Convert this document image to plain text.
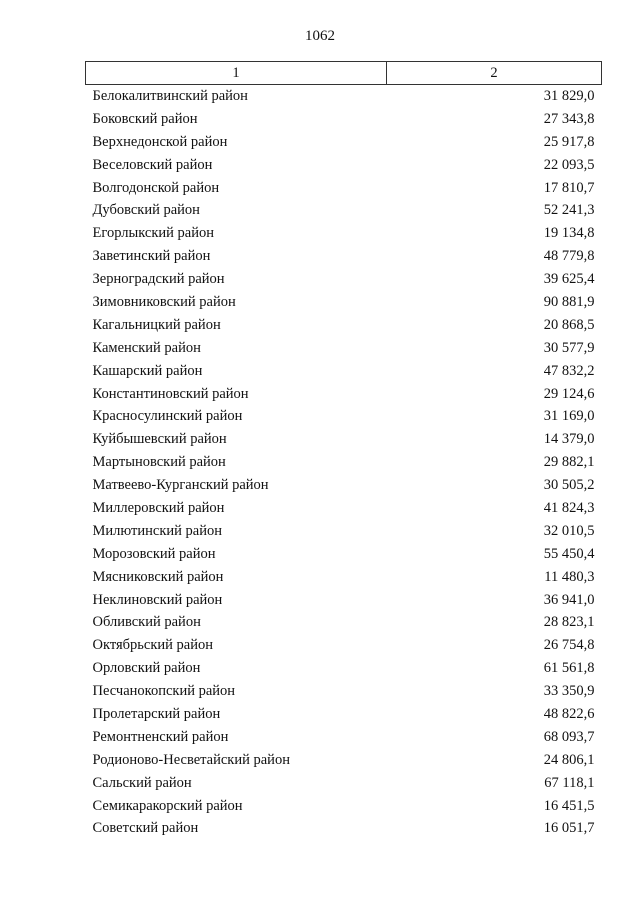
1062
1	2
Белокалитвинский район	31 829,0
Боковский район	27 343,8
Верхнедонской район	25 917,8
Веселовский район	22 093,5
Волгодонской район	17 810,7
Дубовский район	52 241,3
Егорлыкский район	19 134,8
Заветинский район	48 779,8
Зерноградский район	39 625,4
Зимовниковский район	90 881,9
Кагальницкий район	20 868,5
Каменский район	30 577,9
Кашарский район	47 832,2
Константиновский район	29 124,6
Красносулинский район	31 169,0
Куйбышевский район	14 379,0
Мартыновский район	29 882,1
Матвеево-Курганский район	30 505,2
Миллеровский район	41 824,3
Милютинский район	32 010,5
Морозовский район	55 450,4
Мясниковский район	11 480,3
Неклиновский район	36 941,0
Обливский район	28 823,1
Октябрьский район	26 754,8
Орловский район	61 561,8
Песчанокопский район	33 350,9
Пролетарский район	48 822,6
Ремонтненский район	68 093,7
Родионово-Несветайский район	24 806,1
Сальский район	67 118,1
Семикаракорский район	16 451,5
Советский район	16 051,7
